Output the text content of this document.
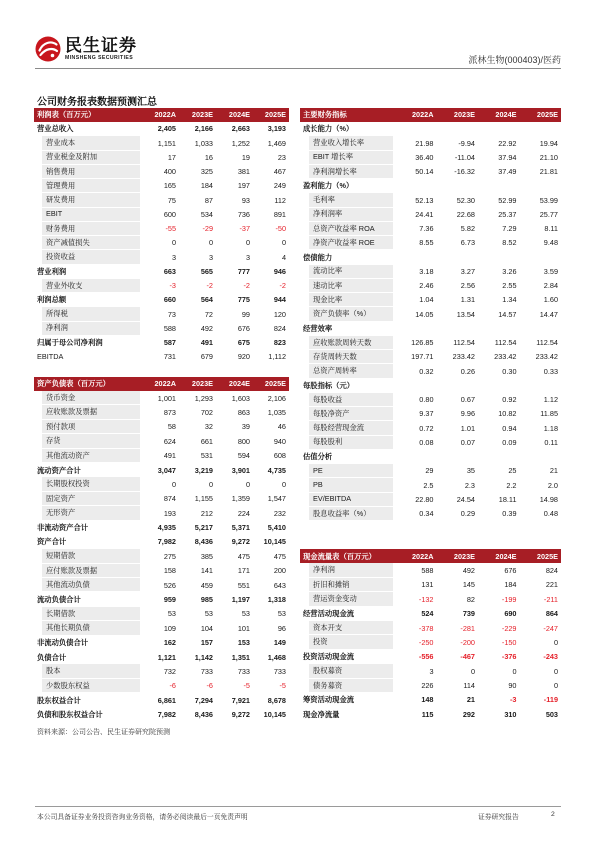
民生证券
MINSHENG SECURITIES	派林生物(000403)/医药
公司财务报表数据预测汇总
利润表（百万元）	2022A	2023E	2024E	2025E
营业总收入	2,405	2,166	2,663	3,193
营业成本	1,151	1,033	1,252	1,469
营业税金及附加	17	16	19	23
销售费用	400	325	381	467
管理费用	165	184	197	249
研发费用	75	87	93	112
EBIT	600	534	736	891
财务费用	-55	-29	-37	-50
资产减值损失	0	0	0	0
投资收益	3	3	3	4
营业利润	663	565	777	946
营业外收支	-3	-2	-2	-2
利润总额	660	564	775	944
所得税	73	72	99	120
净利润	588	492	676	824
归属于母公司净利润	587	491	675	823
EBITDA	731	679	920	1,112
主要财务指标	2022A	2023E	2024E	2025E
成长能力（%）
营业收入增长率	21.98	-9.94	22.92	19.94
EBIT 增长率	36.40	-11.04	37.94	21.10
净利润增长率	50.14	-16.32	37.49	21.81
盈利能力（%）
毛利率	52.13	52.30	52.99	53.99
净利润率	24.41	22.68	25.37	25.77
总资产收益率 ROA	7.36	5.82	7.29	8.11
净资产收益率 ROE	8.55	6.73	8.52	9.48
偿债能力
流动比率	3.18	3.27	3.26	3.59
速动比率	2.46	2.56	2.55	2.84
现金比率	1.04	1.31	1.34	1.60
资产负债率（%）	14.05	13.54	14.57	14.47
经营效率
应收账款周转天数	126.85	112.54	112.54	112.54
存货周转天数	197.71	233.42	233.42	233.42
总资产周转率	0.32	0.26	0.30	0.33
每股指标（元）
每股收益	0.80	0.67	0.92	1.12
每股净资产	9.37	9.96	10.82	11.85
每股经营现金流	0.72	1.01	0.94	1.18
每股股利	0.08	0.07	0.09	0.11
估值分析
PE	29	35	25	21
PB	2.5	2.3	2.2	2.0
EV/EBITDA	22.80	24.54	18.11	14.98
股息收益率（%）	0.34	0.29	0.39	0.48
资产负债表（百万元）	2022A	2023E	2024E	2025E
货币资金	1,001	1,293	1,603	2,106
应收账款及票据	873	702	863	1,035
预付款项	58	32	39	46
存货	624	661	800	940
其他流动资产	491	531	594	608
流动资产合计	3,047	3,219	3,901	4,735
长期股权投资	0	0	0	0
固定资产	874	1,155	1,359	1,547
无形资产	193	212	224	232
非流动资产合计	4,935	5,217	5,371	5,410
资产合计	7,982	8,436	9,272	10,145
短期借款	275	385	475	475
应付账款及票据	158	141	171	200
其他流动负债	526	459	551	643
流动负债合计	959	985	1,197	1,318
长期借款	53	53	53	53
其他长期负债	109	104	101	96
非流动负债合计	162	157	153	149
负债合计	1,121	1,142	1,351	1,468
股本	732	733	733	733
少数股东权益	-6	-6	-5	-5
股东权益合计	6,861	7,294	7,921	8,678
负债和股东权益合计	7,982	8,436	9,272	10,145
现金流量表（百万元）	2022A	2023E	2024E	2025E
净利润	588	492	676	824
折旧和摊销	131	145	184	221
营运资金变动	-132	82	-199	-211
经营活动现金流	524	739	690	864
资本开支	-378	-281	-229	-247
投资	-250	-200	-150	0
投资活动现金流	-556	-467	-376	-243
股权募资	3	0	0	0
债务募资	226	114	90	0
筹资活动现金流	148	21	-3	-119
现金净流量	115	292	310	503
资料来源：公司公告、民生证券研究院预测
本公司具备证券业务投资咨询业务资格，请务必阅读最后一页免责声明	证券研究报告	2
